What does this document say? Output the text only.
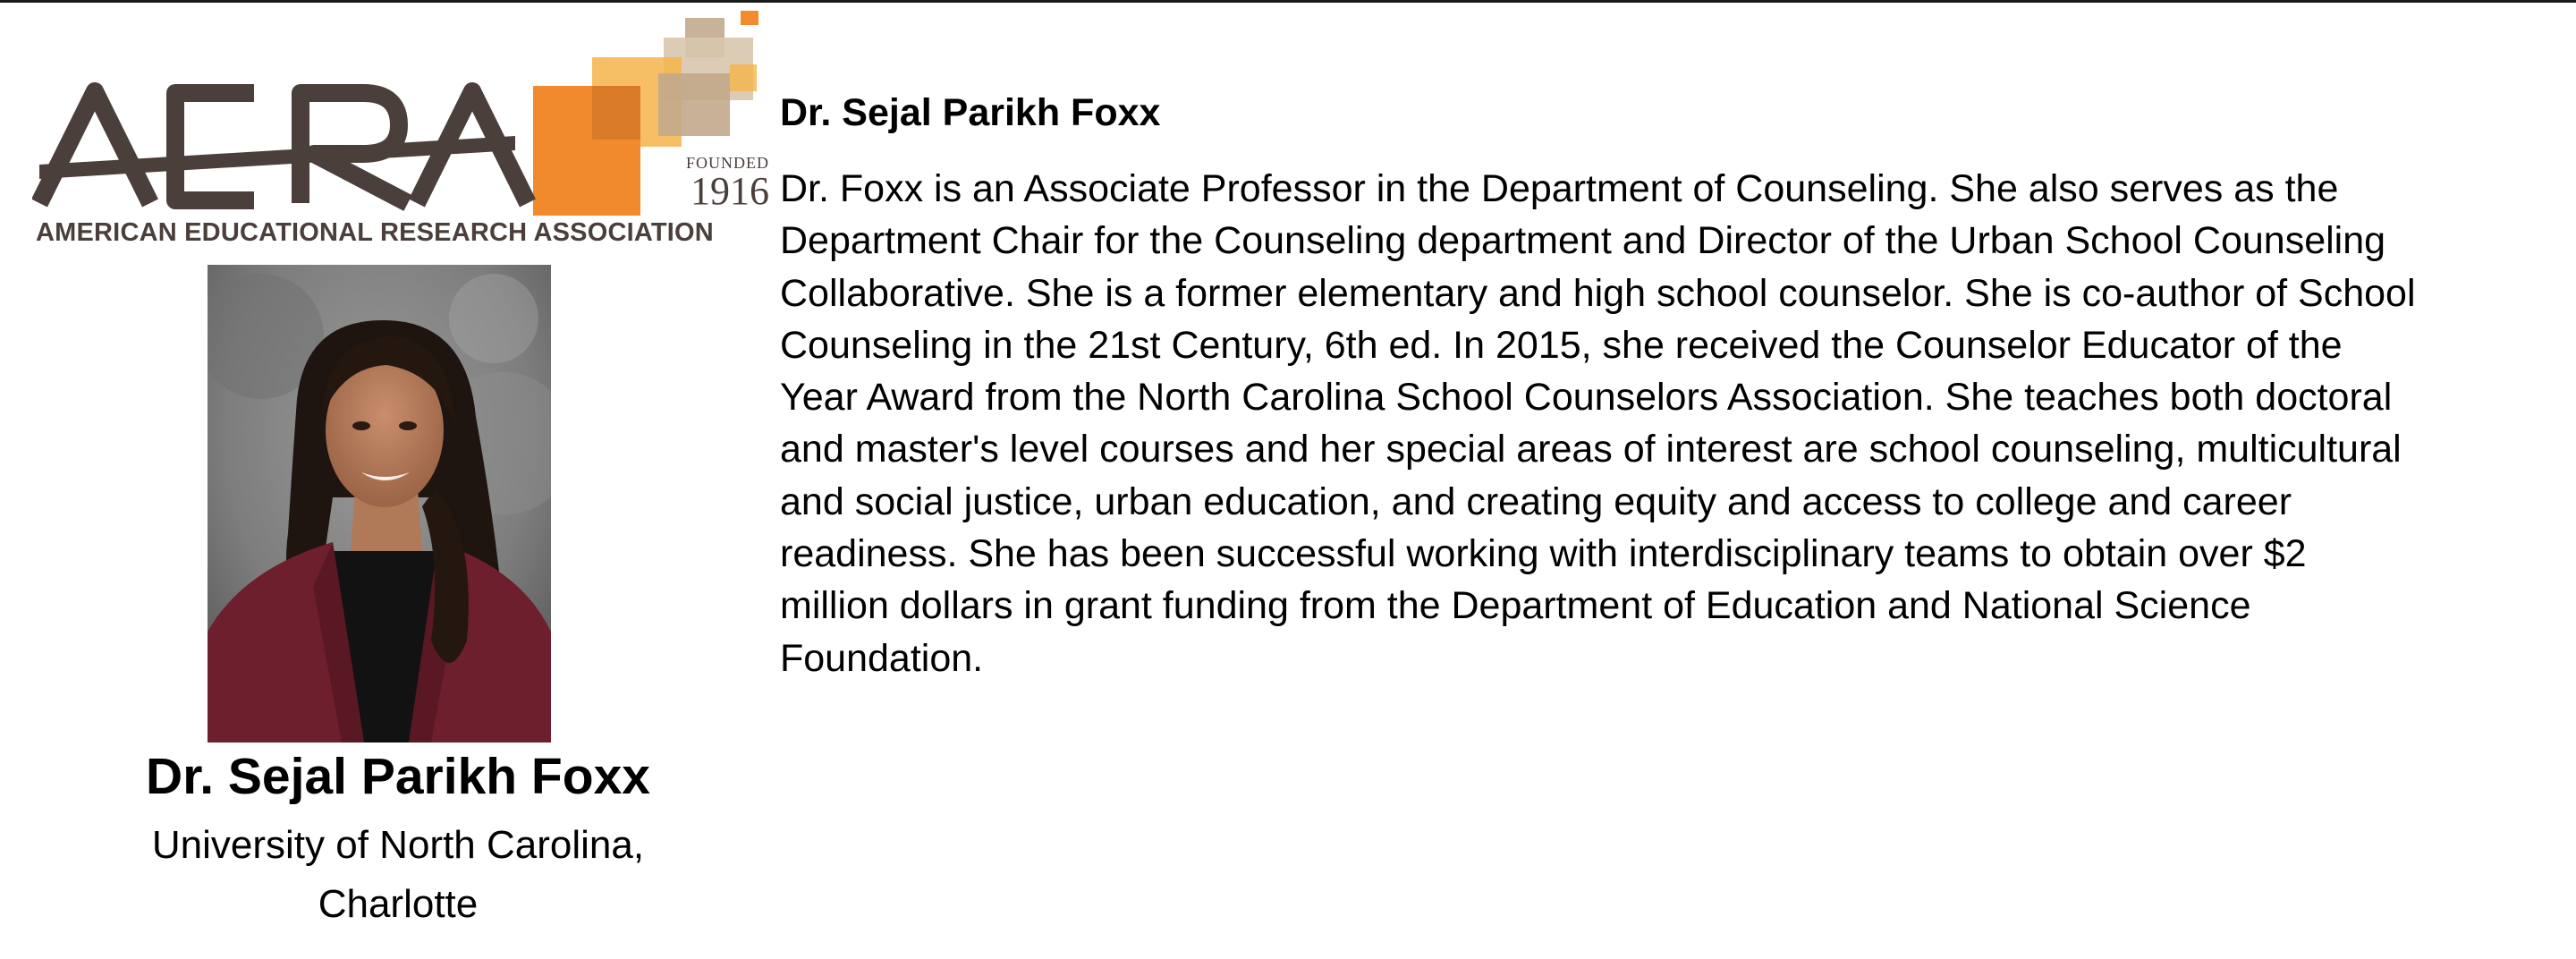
FOUNDED
1916
AMERICAN EDUCATIONAL RESEARCH ASSOCIATION
Dr. Sejal Parikh Foxx
University of North Carolina,
Charlotte
Dr. Sejal Parikh Foxx
Dr. Foxx is an Associate Professor in the Department of Counseling. She also serves as the Department Chair for the Counseling department and Director of the Urban School Counseling Collaborative. She is a former elementary and high school counselor. She is co-author of School Counseling in the 21st Century, 6th ed. In 2015, she received the Counselor Educator of the Year Award from the North Carolina School Counselors Association. She teaches both doctoral and master's level courses and her special areas of interest are school counseling, multicultural and social justice, urban education, and creating equity and access to college and career readiness. She has been successful working with interdisciplinary teams to obtain over $2 million dollars in grant funding from the Department of Education and National Science Foundation.
